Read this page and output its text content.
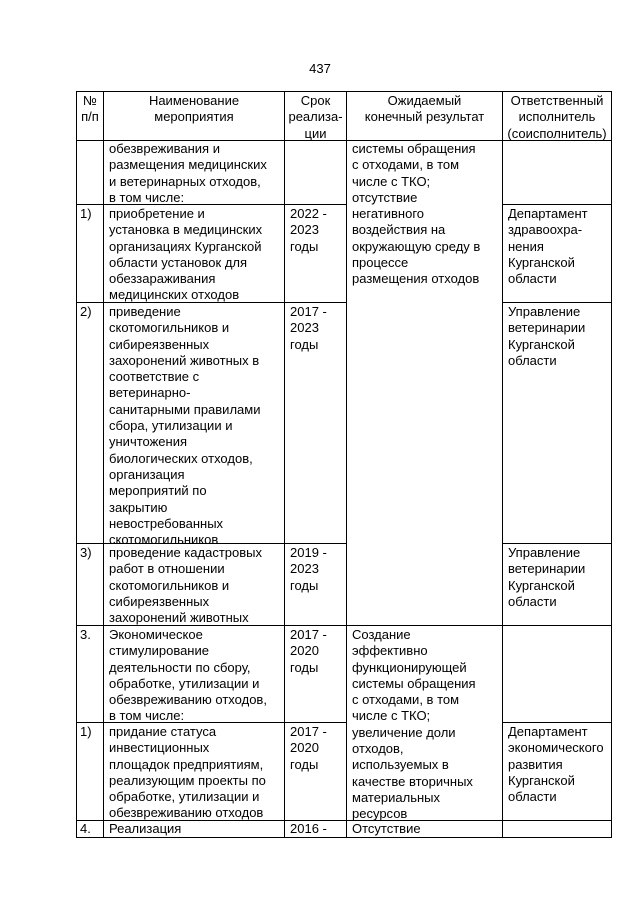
437
№
п/п
Наименование
мероприятия
Срок
реализа-
ции
Ожидаемый
конечный результат
Ответственный
исполнитель
(соисполнитель)
обезвреживания и
размещения медицинских
и ветеринарных отходов,
в том числе:
1) приобретение и
установка в медицинских
организациях Курганской
области установок для
обеззараживания
медицинских отходов
2022 -
2023
годы
Департамент
здравоохра-
нения
Курганской
области
2) приведение
скотомогильников и
сибиреязвенных
захоронений животных в
соответствие с
ветеринарно-
санитарными правилами
сбора, утилизации и
уничтожения
биологических отходов,
организация
мероприятий по
закрытию
невостребованных
скотомогильников
2017 -
2023
годы
Управление
ветеринарии
Курганской
области
3) проведение кадастровых
работ в отношении
скотомогильников и
сибиреязвенных
захоронений животных
2019 -
2023
годы
Управление
ветеринарии
Курганской
области
системы обращения
с отходами, в том
числе с ТКО;
отсутствие
негативного
воздействия на
окружающую среду в
процессе
размещения отходов
3. Экономическое
стимулирование
деятельности по сбору,
обработке, утилизации и
обезвреживанию отходов,
в том числе:
2017 -
2020
годы
Создание
эффективно
функционирующей
системы обращения
с отходами, в том
числе с ТКО;
увеличение доли
отходов,
используемых в
качестве вторичных
материальных
ресурсов
1) придание статуса
инвестиционных
площадок предприятиям,
реализующим проекты по
обработке, утилизации и
обезвреживанию отходов
2017 -
2020
годы
Департамент
экономического
развития
Курганской
области
4. Реализация	2016 - Отсутствие
